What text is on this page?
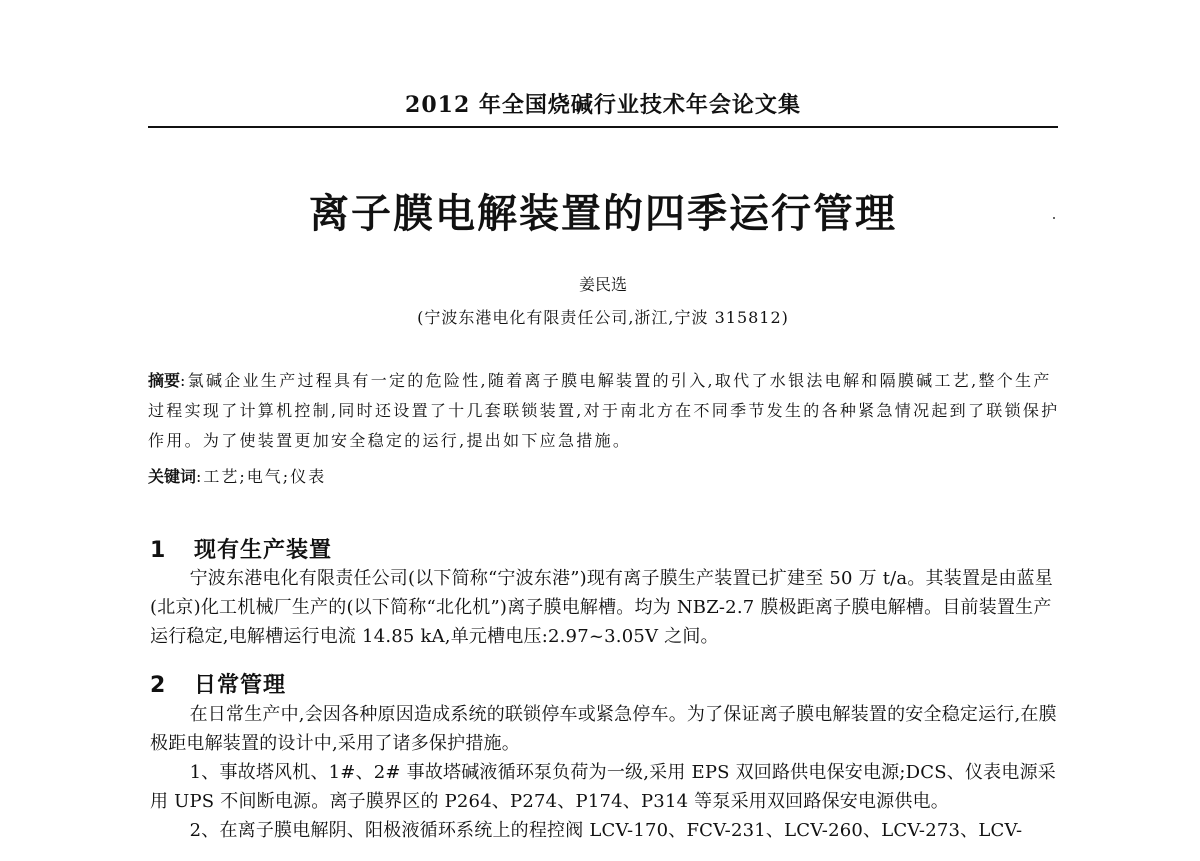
2012 年全国烧碱行业技术年会论文集
离子膜电解装置的四季运行管理
姜民选
(宁波东港电化有限责任公司,浙江,宁波 315812)
摘要:氯碱企业生产过程具有一定的危险性,随着离子膜电解装置的引入,取代了水银法电解和隔膜碱工艺,整个生产过程实现了计算机控制,同时还设置了十几套联锁装置,对于南北方在不同季节发生的各种紧急情况起到了联锁保护作用。为了使装置更加安全稳定的运行,提出如下应急措施。
关键词:工艺;电气;仪表
1 现有生产装置

宁波东港电化有限责任公司(以下简称“宁波东港”)现有离子膜生产装置已扩建至 50 万 t/a。其装置是由蓝星(北京)化工机械厂生产的(以下简称“北化机”)离子膜电解槽。均为 NBZ-2.7 膜极距离子膜电解槽。目前装置生产运行稳定,电解槽运行电流 14.85 kA,单元槽电压:2.97~3.05V 之间。

2 日常管理

在日常生产中,会因各种原因造成系统的联锁停车或紧急停车。为了保证离子膜电解装置的安全稳定运行,在膜极距电解装置的设计中,采用了诸多保护措施。

1、事故塔风机、1#、2# 事故塔碱液循环泵负荷为一级,采用 EPS 双回路供电保安电源;DCS、仪表电源采用 UPS 不间断电源。离子膜界区的 P264、P274、P174、P314 等泵采用双回路保安电源供电。

2、在离子膜电解阴、阳极液循环系统上的程控阀 LCV-170、FCV-231、LCV-260、LCV-273、LCV-
